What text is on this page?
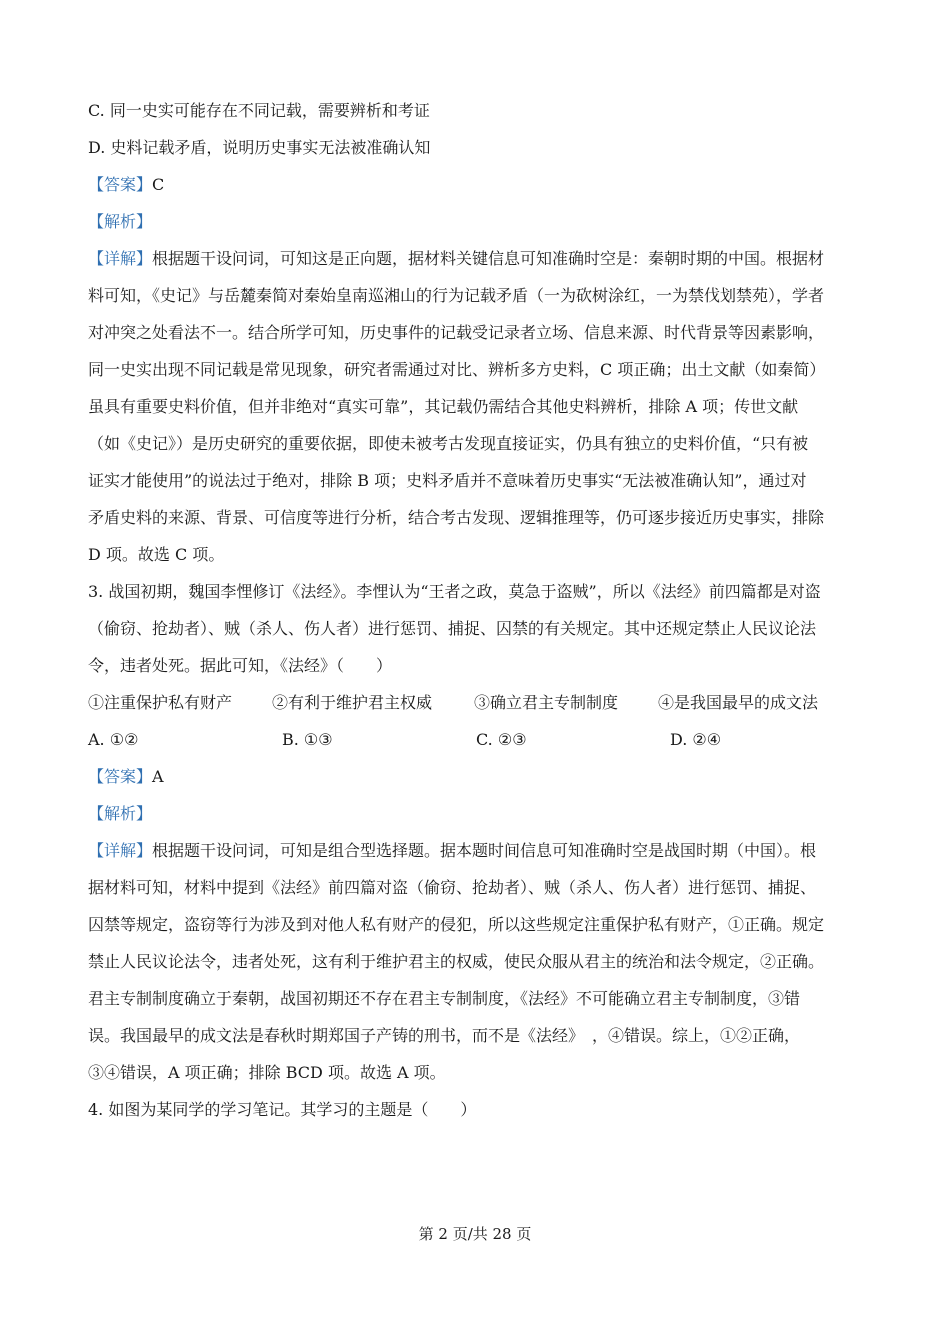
C. 同一史实可能存在不同记载，需要辨析和考证
D. 史料记载矛盾，说明历史事实无法被准确认知
【答案】C
【解析】
【详解】根据题干设问词，可知这是正向题，据材料关键信息可知准确时空是：秦朝时期的中国。根据材
料可知，《史记》与岳麓秦简对秦始皇南巡湘山的行为记载矛盾（一为砍树涂红，一为禁伐划禁苑），学者
对冲突之处看法不一。结合所学可知，历史事件的记载受记录者立场、信息来源、时代背景等因素影响，
同一史实出现不同记载是常见现象，研究者需通过对比、辨析多方史料，C 项正确；出土文献（如秦简）
虽具有重要史料价值，但并非绝对“真实可靠”，其记载仍需结合其他史料辨析，排除 A 项；传世文献
（如《史记》）是历史研究的重要依据，即使未被考古发现直接证实，仍具有独立的史料价值，“只有被
证实才能使用”的说法过于绝对，排除 B 项；史料矛盾并不意味着历史事实“无法被准确认知”，通过对
矛盾史料的来源、背景、可信度等进行分析，结合考古发现、逻辑推理等，仍可逐步接近历史事实，排除
D 项。故选 C 项。
3. 战国初期，魏国李悝修订《法经》。李悝认为“王者之政，莫急于盗贼”，所以《法经》前四篇都是对盗
（偷窃、抢劫者）、贼（杀人、伤人者）进行惩罚、捕捉、囚禁的有关规定。其中还规定禁止人民议论法
令，违者处死。据此可知，《法经》（　　）
①注重保护私有财产	②有利于维护君主权威	③确立君主专制制度	④是我国最早的成文法
A. ①②	B. ①③	C. ②③	D. ②④
【答案】A
【解析】
【详解】根据题干设问词，可知是组合型选择题。据本题时间信息可知准确时空是战国时期（中国）。根
据材料可知，材料中提到《法经》前四篇对盗（偷窃、抢劫者）、贼（杀人、伤人者）进行惩罚、捕捉、
囚禁等规定，盗窃等行为涉及到对他人私有财产的侵犯，所以这些规定注重保护私有财产，①正确。规定
禁止人民议论法令，违者处死，这有利于维护君主的权威，使民众服从君主的统治和法令规定，②正确。
君主专制制度确立于秦朝，战国初期还不存在君主专制制度，《法经》不可能确立君主专制制度，③错
误。我国最早的成文法是春秋时期郑国子产铸的刑书，而不是《法经》　，④错误。综上，①②正确，
③④错误，A 项正确；排除 BCD 项。故选 A 项。
4. 如图为某同学的学习笔记。其学习的主题是（　　）
第 2 页/共 28 页
